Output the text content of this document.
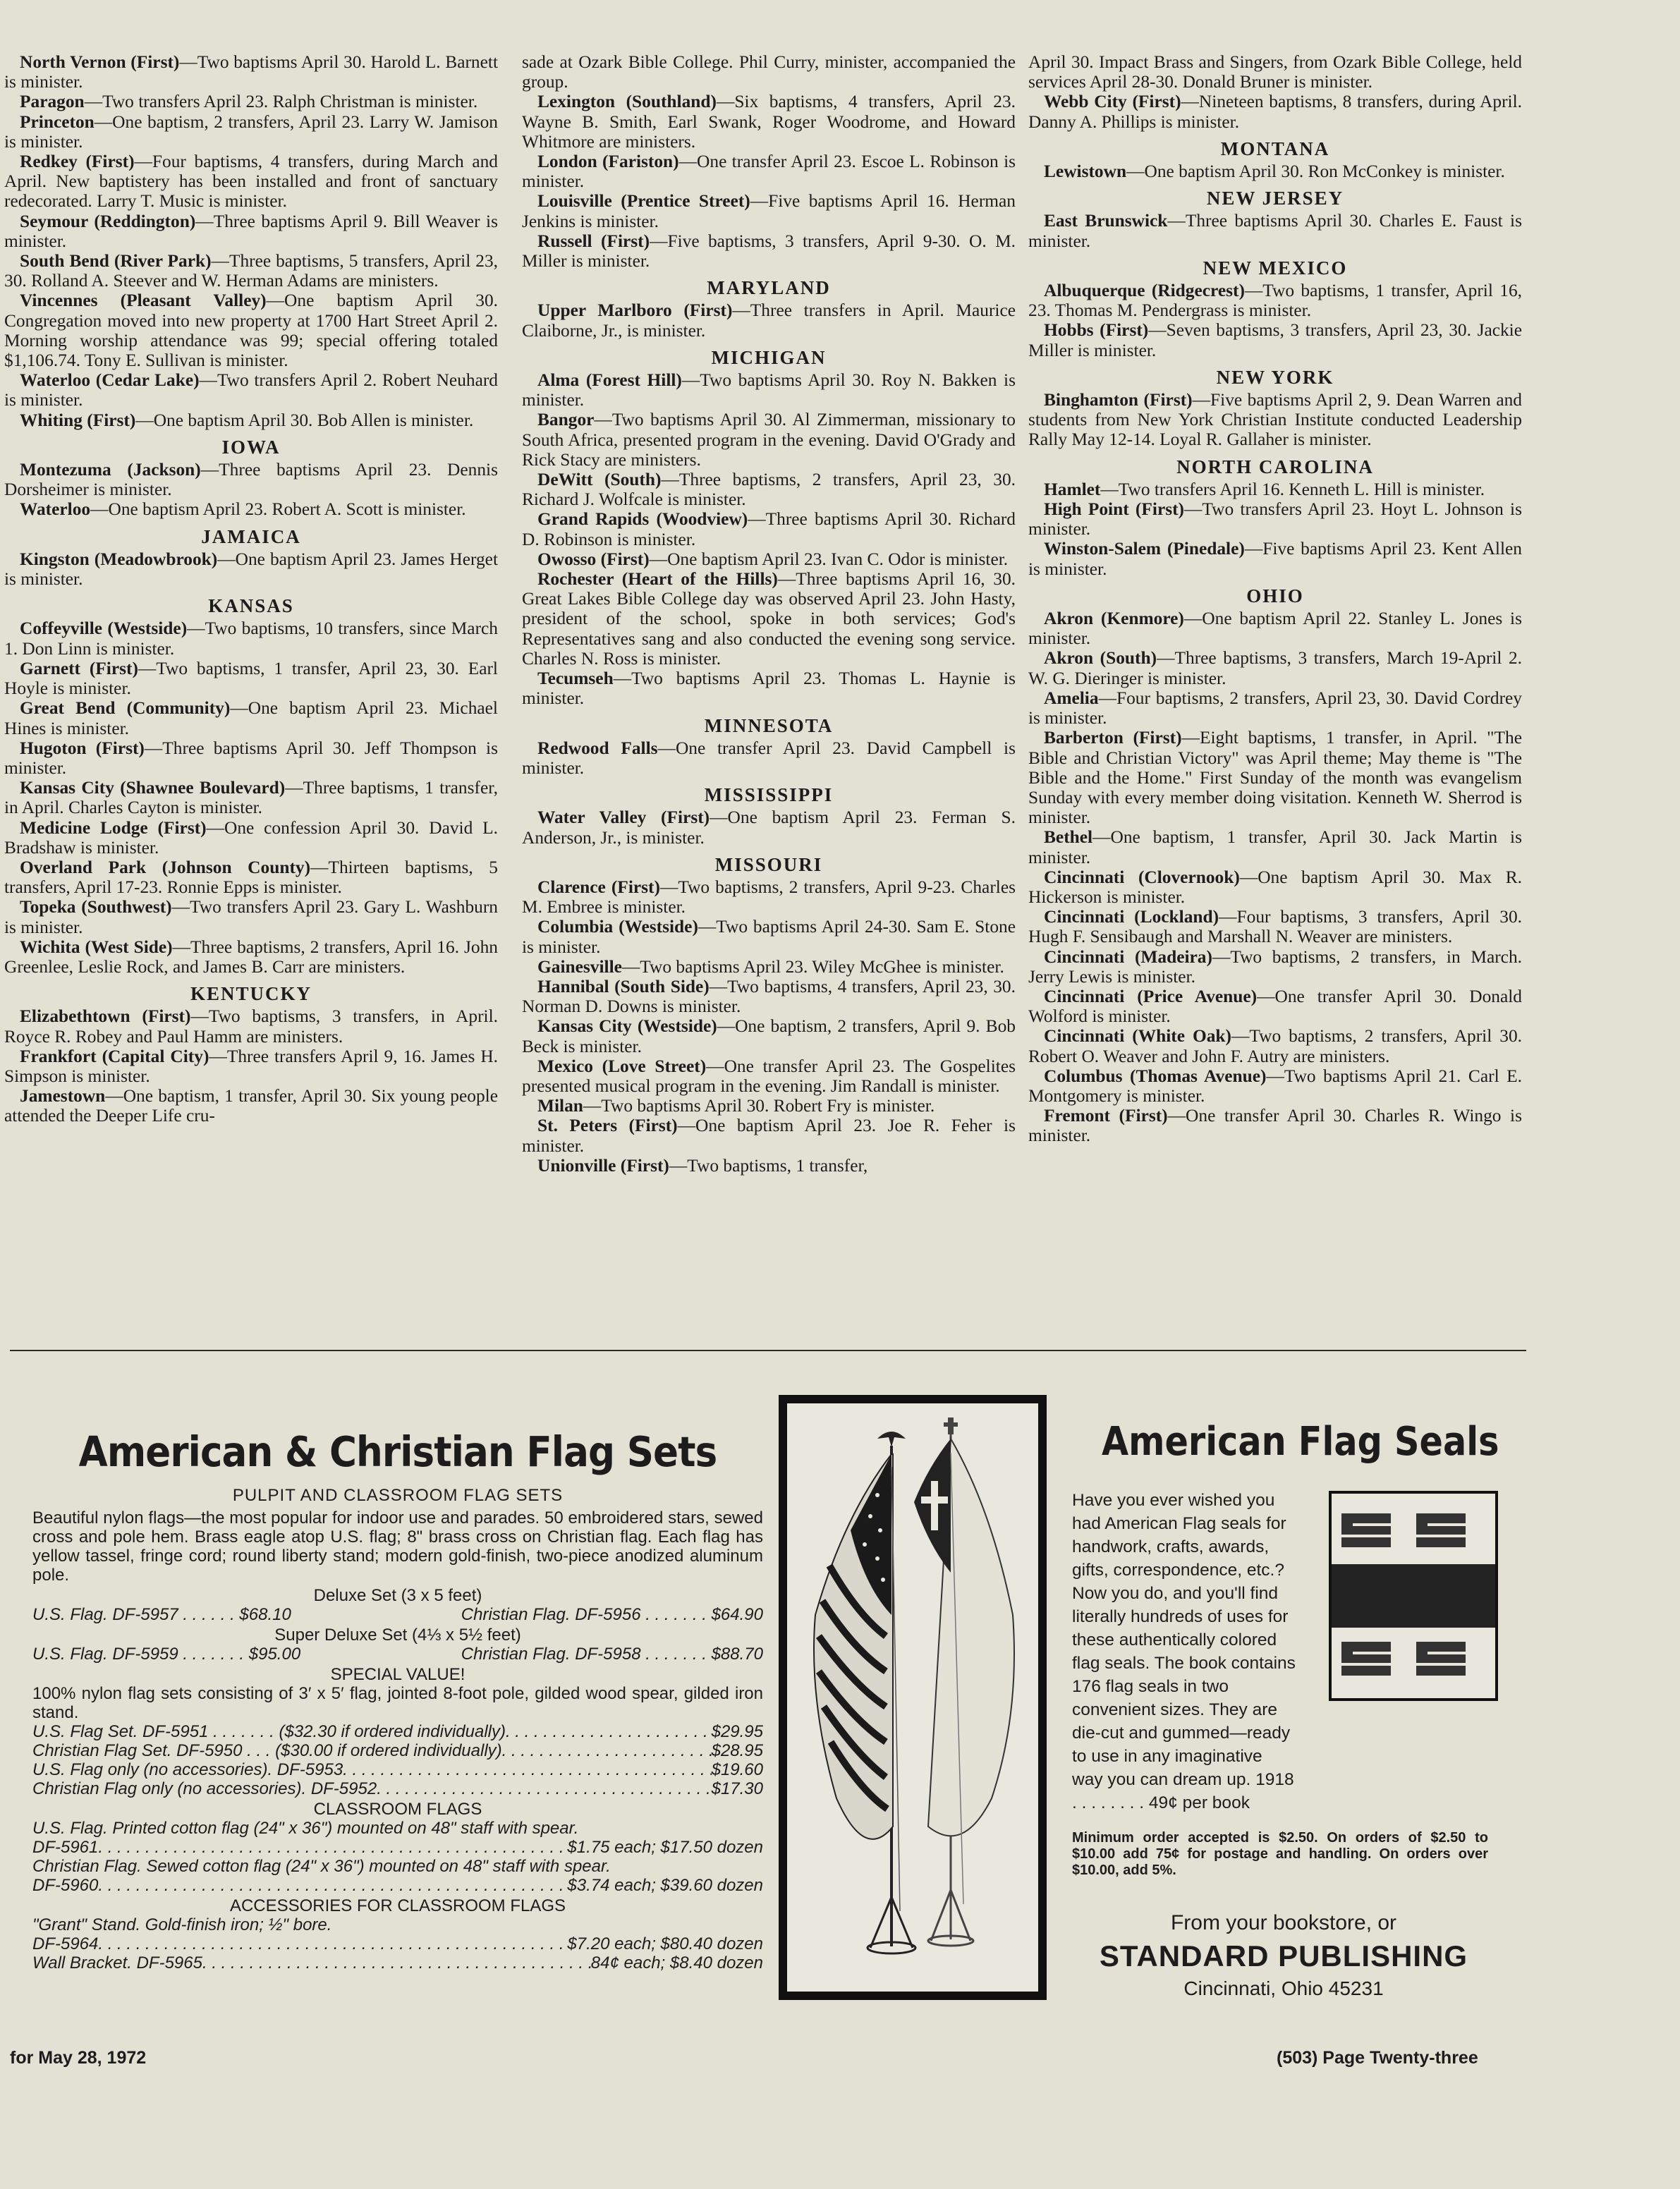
North Vernon (First)—Two baptisms April 30. Harold L. Barnett is minister.

Paragon—Two transfers April 23. Ralph Christman is minister.

Princeton—One baptism, 2 transfers, April 23. Larry W. Jamison is minister.

Redkey (First)—Four baptisms, 4 transfers, during March and April. New baptistery has been installed and front of sanctuary redecorated. Larry T. Music is minister.

Seymour (Reddington)—Three baptisms April 9. Bill Weaver is minister.

South Bend (River Park)—Three baptisms, 5 transfers, April 23, 30. Rolland A. Steever and W. Herman Adams are ministers.

Vincennes (Pleasant Valley)—One baptism April 30. Congregation moved into new property at 1700 Hart Street April 2. Morning worship attendance was 99; special offering totaled $1,106.74. Tony E. Sullivan is minister.

Waterloo (Cedar Lake)—Two transfers April 2. Robert Neuhard is minister.

Whiting (First)—One baptism April 30. Bob Allen is minister.

IOWA

Montezuma (Jackson)—Three baptisms April 23. Dennis Dorsheimer is minister.

Waterloo—One baptism April 23. Robert A. Scott is minister.

JAMAICA

Kingston (Meadowbrook)—One baptism April 23. James Herget is minister.

KANSAS

Coffeyville (Westside)—Two baptisms, 10 transfers, since March 1. Don Linn is minister.

Garnett (First)—Two baptisms, 1 transfer, April 23, 30. Earl Hoyle is minister.

Great Bend (Community)—One baptism April 23. Michael Hines is minister.

Hugoton (First)—Three baptisms April 30. Jeff Thompson is minister.

Kansas City (Shawnee Boulevard)—Three baptisms, 1 transfer, in April. Charles Cayton is minister.

Medicine Lodge (First)—One confession April 30. David L. Bradshaw is minister.

Overland Park (Johnson County)—Thirteen baptisms, 5 transfers, April 17-23. Ronnie Epps is minister.

Topeka (Southwest)—Two transfers April 23. Gary L. Washburn is minister.

Wichita (West Side)—Three baptisms, 2 transfers, April 16. John Greenlee, Leslie Rock, and James B. Carr are ministers.

KENTUCKY

Elizabethtown (First)—Two baptisms, 3 transfers, in April. Royce R. Robey and Paul Hamm are ministers.

Frankfort (Capital City)—Three transfers April 9, 16. James H. Simpson is minister.

Jamestown—One baptism, 1 transfer, April 30. Six young people attended the Deeper Life cru-

sade at Ozark Bible College. Phil Curry, minister, accompanied the group.

Lexington (Southland)—Six baptisms, 4 transfers, April 23. Wayne B. Smith, Earl Swank, Roger Woodrome, and Howard Whitmore are ministers.

London (Fariston)—One transfer April 23. Escoe L. Robinson is minister.

Louisville (Prentice Street)—Five baptisms April 16. Herman Jenkins is minister.

Russell (First)—Five baptisms, 3 transfers, April 9-30. O. M. Miller is minister.

MARYLAND

Upper Marlboro (First)—Three transfers in April. Maurice Claiborne, Jr., is minister.

MICHIGAN

Alma (Forest Hill)—Two baptisms April 30. Roy N. Bakken is minister.

Bangor—Two baptisms April 30. Al Zimmerman, missionary to South Africa, presented program in the evening. David O'Grady and Rick Stacy are ministers.

DeWitt (South)—Three baptisms, 2 transfers, April 23, 30. Richard J. Wolfcale is minister.

Grand Rapids (Woodview)—Three baptisms April 30. Richard D. Robinson is minister.

Owosso (First)—One baptism April 23. Ivan C. Odor is minister.

Rochester (Heart of the Hills)—Three baptisms April 16, 30. Great Lakes Bible College day was observed April 23. John Hasty, president of the school, spoke in both services; God's Representatives sang and also conducted the evening song service. Charles N. Ross is minister.

Tecumseh—Two baptisms April 23. Thomas L. Haynie is minister.

MINNESOTA

Redwood Falls—One transfer April 23. David Campbell is minister.

MISSISSIPPI

Water Valley (First)—One baptism April 23. Ferman S. Anderson, Jr., is minister.

MISSOURI

Clarence (First)—Two baptisms, 2 transfers, April 9-23. Charles M. Embree is minister.

Columbia (Westside)—Two baptisms April 24-30. Sam E. Stone is minister.

Gainesville—Two baptisms April 23. Wiley McGhee is minister.

Hannibal (South Side)—Two baptisms, 4 transfers, April 23, 30. Norman D. Downs is minister.

Kansas City (Westside)—One baptism, 2 transfers, April 9. Bob Beck is minister.

Mexico (Love Street)—One transfer April 23. The Gospelites presented musical program in the evening. Jim Randall is minister.

Milan—Two baptisms April 30. Robert Fry is minister.

St. Peters (First)—One baptism April 23. Joe R. Feher is minister.

Unionville (First)—Two baptisms, 1 transfer,

April 30. Impact Brass and Singers, from Ozark Bible College, held services April 28-30. Donald Bruner is minister.

Webb City (First)—Nineteen baptisms, 8 transfers, during April. Danny A. Phillips is minister.

MONTANA

Lewistown—One baptism April 30. Ron McConkey is minister.

NEW JERSEY

East Brunswick—Three baptisms April 30. Charles E. Faust is minister.

NEW MEXICO

Albuquerque (Ridgecrest)—Two baptisms, 1 transfer, April 16, 23. Thomas M. Pendergrass is minister.

Hobbs (First)—Seven baptisms, 3 transfers, April 23, 30. Jackie Miller is minister.

NEW YORK

Binghamton (First)—Five baptisms April 2, 9. Dean Warren and students from New York Christian Institute conducted Leadership Rally May 12-14. Loyal R. Gallaher is minister.

NORTH CAROLINA

Hamlet—Two transfers April 16. Kenneth L. Hill is minister.

High Point (First)—Two transfers April 23. Hoyt L. Johnson is minister.

Winston-Salem (Pinedale)—Five baptisms April 23. Kent Allen is minister.

OHIO

Akron (Kenmore)—One baptism April 22. Stanley L. Jones is minister.

Akron (South)—Three baptisms, 3 transfers, March 19-April 2. W. G. Dieringer is minister.

Amelia—Four baptisms, 2 transfers, April 23, 30. David Cordrey is minister.

Barberton (First)—Eight baptisms, 1 transfer, in April. "The Bible and Christian Victory" was April theme; May theme is "The Bible and the Home." First Sunday of the month was evangelism Sunday with every member doing visitation. Kenneth W. Sherrod is minister.

Bethel—One baptism, 1 transfer, April 30. Jack Martin is minister.

Cincinnati (Clovernook)—One baptism April 30. Max R. Hickerson is minister.

Cincinnati (Lockland)—Four baptisms, 3 transfers, April 30. Hugh F. Sensibaugh and Marshall N. Weaver are ministers.

Cincinnati (Madeira)—Two baptisms, 2 transfers, in March. Jerry Lewis is minister.

Cincinnati (Price Avenue)—One transfer April 30. Donald Wolford is minister.

Cincinnati (White Oak)—Two baptisms, 2 transfers, April 30. Robert O. Weaver and John F. Autry are ministers.

Columbus (Thomas Avenue)—Two baptisms April 21. Carl E. Montgomery is minister.

Fremont (First)—One transfer April 30. Charles R. Wingo is minister.

American & Christian Flag Sets
PULPIT AND CLASSROOM FLAG SETS

Beautiful nylon flags—the most popular for indoor use and parades. 50 embroidered stars, sewed cross and pole hem. Brass eagle atop U.S. flag; 8" brass cross on Christian flag. Each flag has yellow tassel, fringe cord; round liberty stand; modern gold-finish, two-piece anodized aluminum pole.

Deluxe Set (3 x 5 feet)
U.S. Flag. DF-5957 . . . . . . $68.10	Christian Flag. DF-5956 . . . . . . . $64.90
Super Deluxe Set (4⅓ x 5½ feet)
U.S. Flag. DF-5959 . . . . . . . $95.00	Christian Flag. DF-5958 . . . . . . . $88.70
SPECIAL VALUE!

100% nylon flag sets consisting of 3′ x 5′ flag, jointed 8-foot pole, gilded wood spear, gilded iron stand.

U.S. Flag Set. DF-5951 . . . . . . . ($32.30 if ordered individually) . . .	$29.95
Christian Flag Set. DF-5950 . . . ($30.00 if ordered individually) . . .	$28.95
U.S. Flag only (no accessories). DF-5953 . . .	$19.60
Christian Flag only (no accessories). DF-5952 . . .	$17.30
CLASSROOM FLAGS

U.S. Flag. Printed cotton flag (24" x 36") mounted on 48" staff with spear.

DF-5961 . . .	$1.75 each; $17.50 dozen

Christian Flag. Sewed cotton flag (24" x 36") mounted on 48" staff with spear.

DF-5960 . . .	$3.74 each; $39.60 dozen
ACCESSORIES FOR CLASSROOM FLAGS

"Grant" Stand. Gold-finish iron; ½" bore.

DF-5964 . . .	$7.20 each; $80.40 dozen
Wall Bracket. DF-5965 . . .	84¢ each; $8.40 dozen
American Flag Seals
Have you ever wished you had American Flag seals for handwork, crafts, awards, gifts, correspondence, etc.? Now you do, and you'll find literally hundreds of uses for these authentically colored flag seals. The book contains 176 flag seals in two convenient sizes. They are die-cut and gummed—ready to use in any imaginative way you can dream up. 1918 . . . . . . . . 49¢ per book
Minimum order accepted is $2.50. On orders of $2.50 to $10.00 add 75¢ for postage and handling. On orders over $10.00, add 5%.
From your bookstore, or
STANDARD PUBLISHING
Cincinnati, Ohio 45231
for May 28, 1972	(503) Page Twenty-three
